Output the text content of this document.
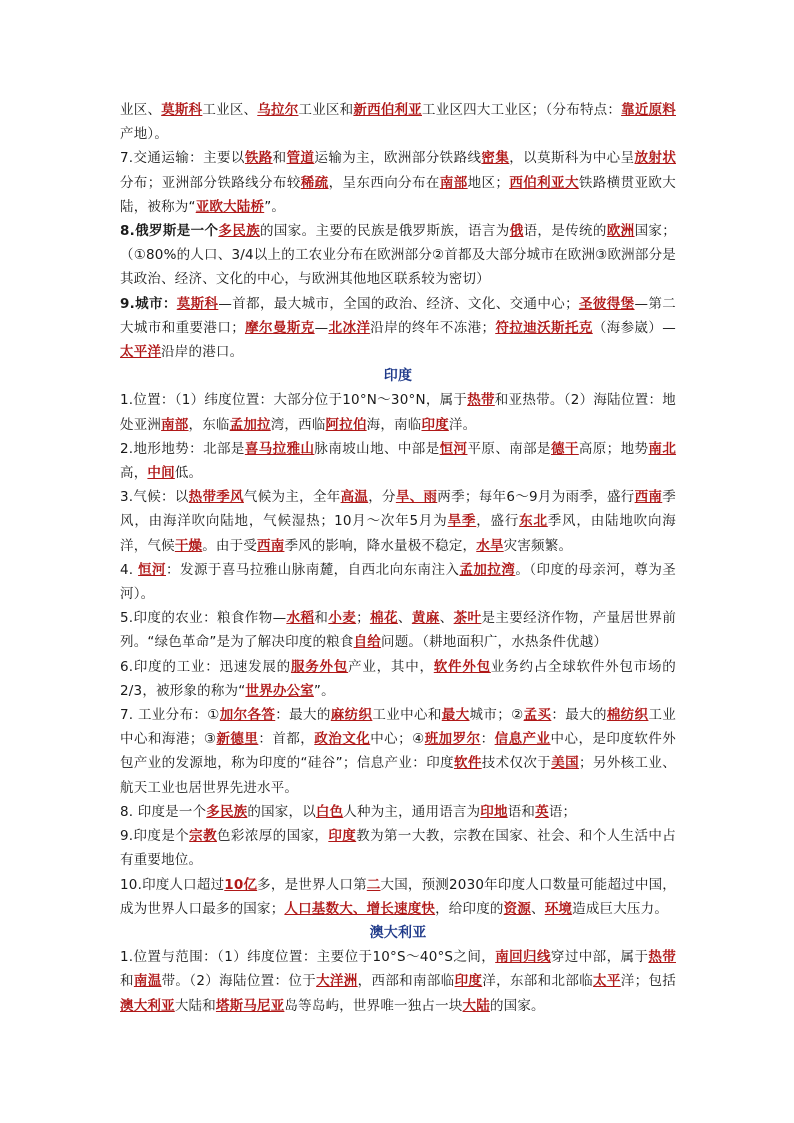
业区、莫斯科工业区、乌拉尔工业区和新西伯利亚工业区四大工业区；（分布特点：靠近原料产地）。

7.交通运输：主要以铁路和管道运输为主，欧洲部分铁路线密集，以莫斯科为中心呈放射状分布；亚洲部分铁路线分布较稀疏，呈东西向分布在南部地区；西伯利亚大铁路横贯亚欧大陆，被称为“亚欧大陆桥”。

8.俄罗斯是一个多民族的国家。主要的民族是俄罗斯族，语言为俄语，是传统的欧洲国家；（①80%的人口、3/4以上的工农业分布在欧洲部分②首都及大部分城市在欧洲③欧洲部分是其政治、经济、文化的中心，与欧洲其他地区联系较为密切）

9.城市：莫斯科—首都，最大城市，全国的政治、经济、文化、交通中心；圣彼得堡—第二大城市和重要港口；摩尔曼斯克—北冰洋沿岸的终年不冻港；符拉迪沃斯托克（海参崴）—太平洋沿岸的港口。

印度

1.位置：（1）纬度位置：大部分位于10°N～30°N，属于热带和亚热带。（2）海陆位置：地处亚洲南部，东临孟加拉湾，西临阿拉伯海，南临印度洋。

2.地形地势：北部是喜马拉雅山脉南坡山地、中部是恒河平原、南部是德干高原；地势南北高，中间低。

3.气候：以热带季风气候为主，全年高温，分旱、雨两季；每年6～9月为雨季，盛行西南季风，由海洋吹向陆地，气候湿热；10月～次年5月为旱季，盛行东北季风，由陆地吹向海洋，气候干燥。由于受西南季风的影响，降水量极不稳定，水旱灾害频繁。

4. 恒河：发源于喜马拉雅山脉南麓，自西北向东南注入孟加拉湾。（印度的母亲河，尊为圣河）。

5.印度的农业：粮食作物—水稻和小麦；棉花、黄麻、茶叶是主要经济作物，产量居世界前列。“绿色革命”是为了解决印度的粮食自给问题。（耕地面积广，水热条件优越）

6.印度的工业：迅速发展的服务外包产业，其中，软件外包业务约占全球软件外包市场的2/3，被形象的称为“世界办公室”。

7. 工业分布：①加尔各答：最大的麻纺织工业中心和最大城市；②孟买：最大的棉纺织工业中心和海港；③新德里：首都，政治文化中心；④班加罗尔：信息产业中心，是印度软件外包产业的发源地，称为印度的“硅谷”；信息产业：印度软件技术仅次于美国；另外核工业、航天工业也居世界先进水平。

8. 印度是一个多民族的国家，以白色人种为主，通用语言为印地语和英语；

9.印度是个宗教色彩浓厚的国家，印度教为第一大教，宗教在国家、社会、和个人生活中占有重要地位。

10.印度人口超过10亿多，是世界人口第二大国，预测2030年印度人口数量可能超过中国，成为世界人口最多的国家；人口基数大、增长速度快，给印度的资源、环境造成巨大压力。

澳大利亚

1.位置与范围：（1）纬度位置：主要位于10°S～40°S之间，南回归线穿过中部，属于热带和南温带。（2）海陆位置：位于大洋洲，西部和南部临印度洋，东部和北部临太平洋；包括澳大利亚大陆和塔斯马尼亚岛等岛屿，世界唯一独占一块大陆的国家。
